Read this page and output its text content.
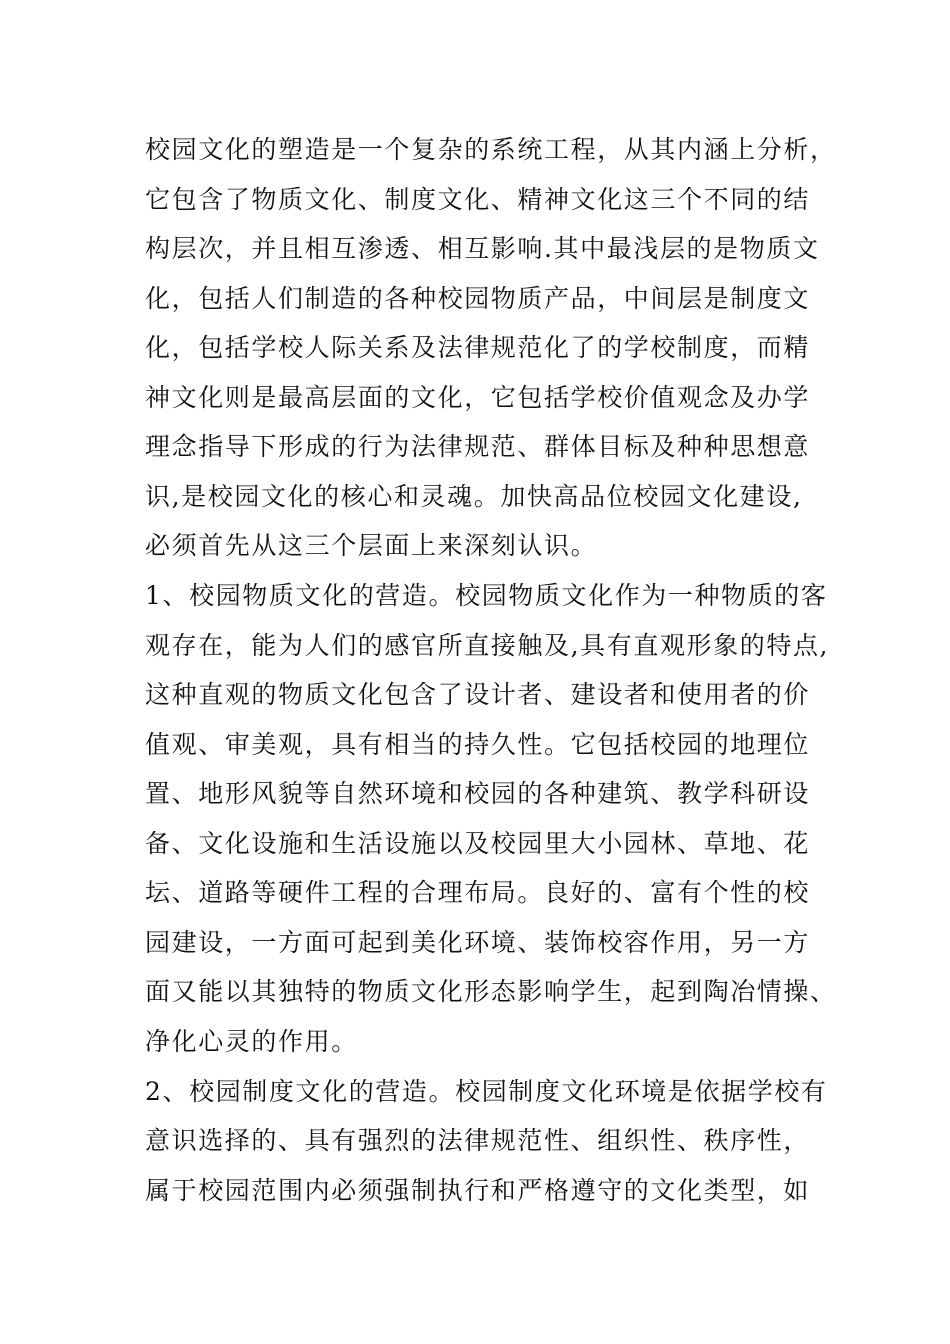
校园文化的塑造是一个复杂的系统工程，从其内涵上分析，
它包含了物质文化、制度文化、精神文化这三个不同的结
构层次，并且相互渗透、相互影响.其中最浅层的是物质文
化，包括人们制造的各种校园物质产品，中间层是制度文
化，包括学校人际关系及法律规范化了的学校制度，而精
神文化则是最高层面的文化，它包括学校价值观念及办学
理念指导下形成的行为法律规范、群体目标及种种思想意
识,是校园文化的核心和灵魂。加快高品位校园文化建设,
必须首先从这三个层面上来深刻认识。
1、校园物质文化的营造。校园物质文化作为一种物质的客
观存在，能为人们的感官所直接触及,具有直观形象的特点,
这种直观的物质文化包含了设计者、建设者和使用者的价
值观、审美观，具有相当的持久性。它包括校园的地理位
置、地形风貌等自然环境和校园的各种建筑、教学科研设
备、文化设施和生活设施以及校园里大小园林、草地、花
坛、道路等硬件工程的合理布局。良好的、富有个性的校
园建设，一方面可起到美化环境、装饰校容作用，另一方
面又能以其独特的物质文化形态影响学生，起到陶冶情操、
净化心灵的作用。
2、校园制度文化的营造。校园制度文化环境是依据学校有
意识选择的、具有强烈的法律规范性、组织性、秩序性，
属于校园范围内必须强制执行和严格遵守的文化类型，如
